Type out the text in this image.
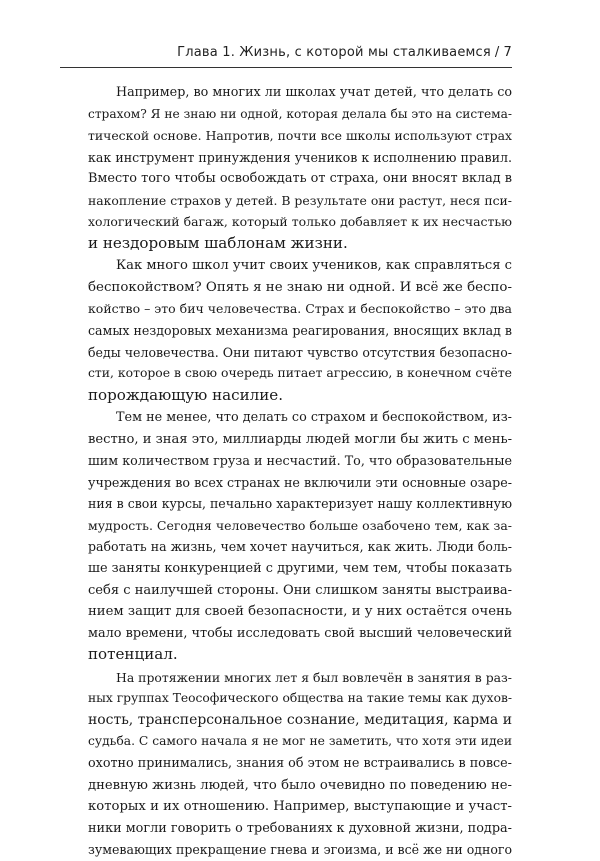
Глава 1. Жизнь, с которой мы сталкиваемся / 7

Например, во многих ли школах учат детей, что делать со
страхом? Я не знаю ни одной, которая делала бы это на система-
тической основе. Напротив, почти все школы используют страх
как инструмент принуждения учеников к исполнению правил.
Вместо того чтобы освобождать от страха, они вносят вклад в
накопление страхов у детей. В результате они растут, неся пси-
хологический багаж, который только добавляет к их несчастью
и нездоровым шаблонам жизни.

Как много школ учит своих учеников, как справляться с
беспокойством? Опять я не знаю ни одной. И всё же беспо-
койство – это бич человечества. Страх и беспокойство – это два
самых нездоровых механизма реагирования, вносящих вклад в
беды человечества. Они питают чувство отсутствия безопасно-
сти, которое в свою очередь питает агрессию, в конечном счёте
порождающую насилие.

Тем не менее, что делать со страхом и беспокойством, из-
вестно, и зная это, миллиарды людей могли бы жить с мень-
шим количеством груза и несчастий. То, что образовательные
учреждения во всех странах не включили эти основные озаре-
ния в свои курсы, печально характеризует нашу коллективную
мудрость. Сегодня человечество больше озабочено тем, как за-
работать на жизнь, чем хочет научиться, как жить. Люди боль-
ше заняты конкуренцией с другими, чем тем, чтобы показать
себя с наилучшей стороны. Они слишком заняты выстраива-
нием защит для своей безопасности, и у них остаётся очень
мало времени, чтобы исследовать свой высший человеческий
потенциал.

На протяжении многих лет я был вовлечён в занятия в раз-
ных группах Теософического общества на такие темы как духов-
ность, трансперсональное сознание, медитация, карма и
судьба. С самого начала я не мог не заметить, что хотя эти идеи
охотно принимались, знания об этом не встраивались в повсе-
дневную жизнь людей, что было очевидно по поведению не-
которых и их отношению. Например, выступающие и участ-
ники могли говорить о требованиях к духовной жизни, подра-
зумевающих прекращение гнева и эгоизма, и всё же ни одного
